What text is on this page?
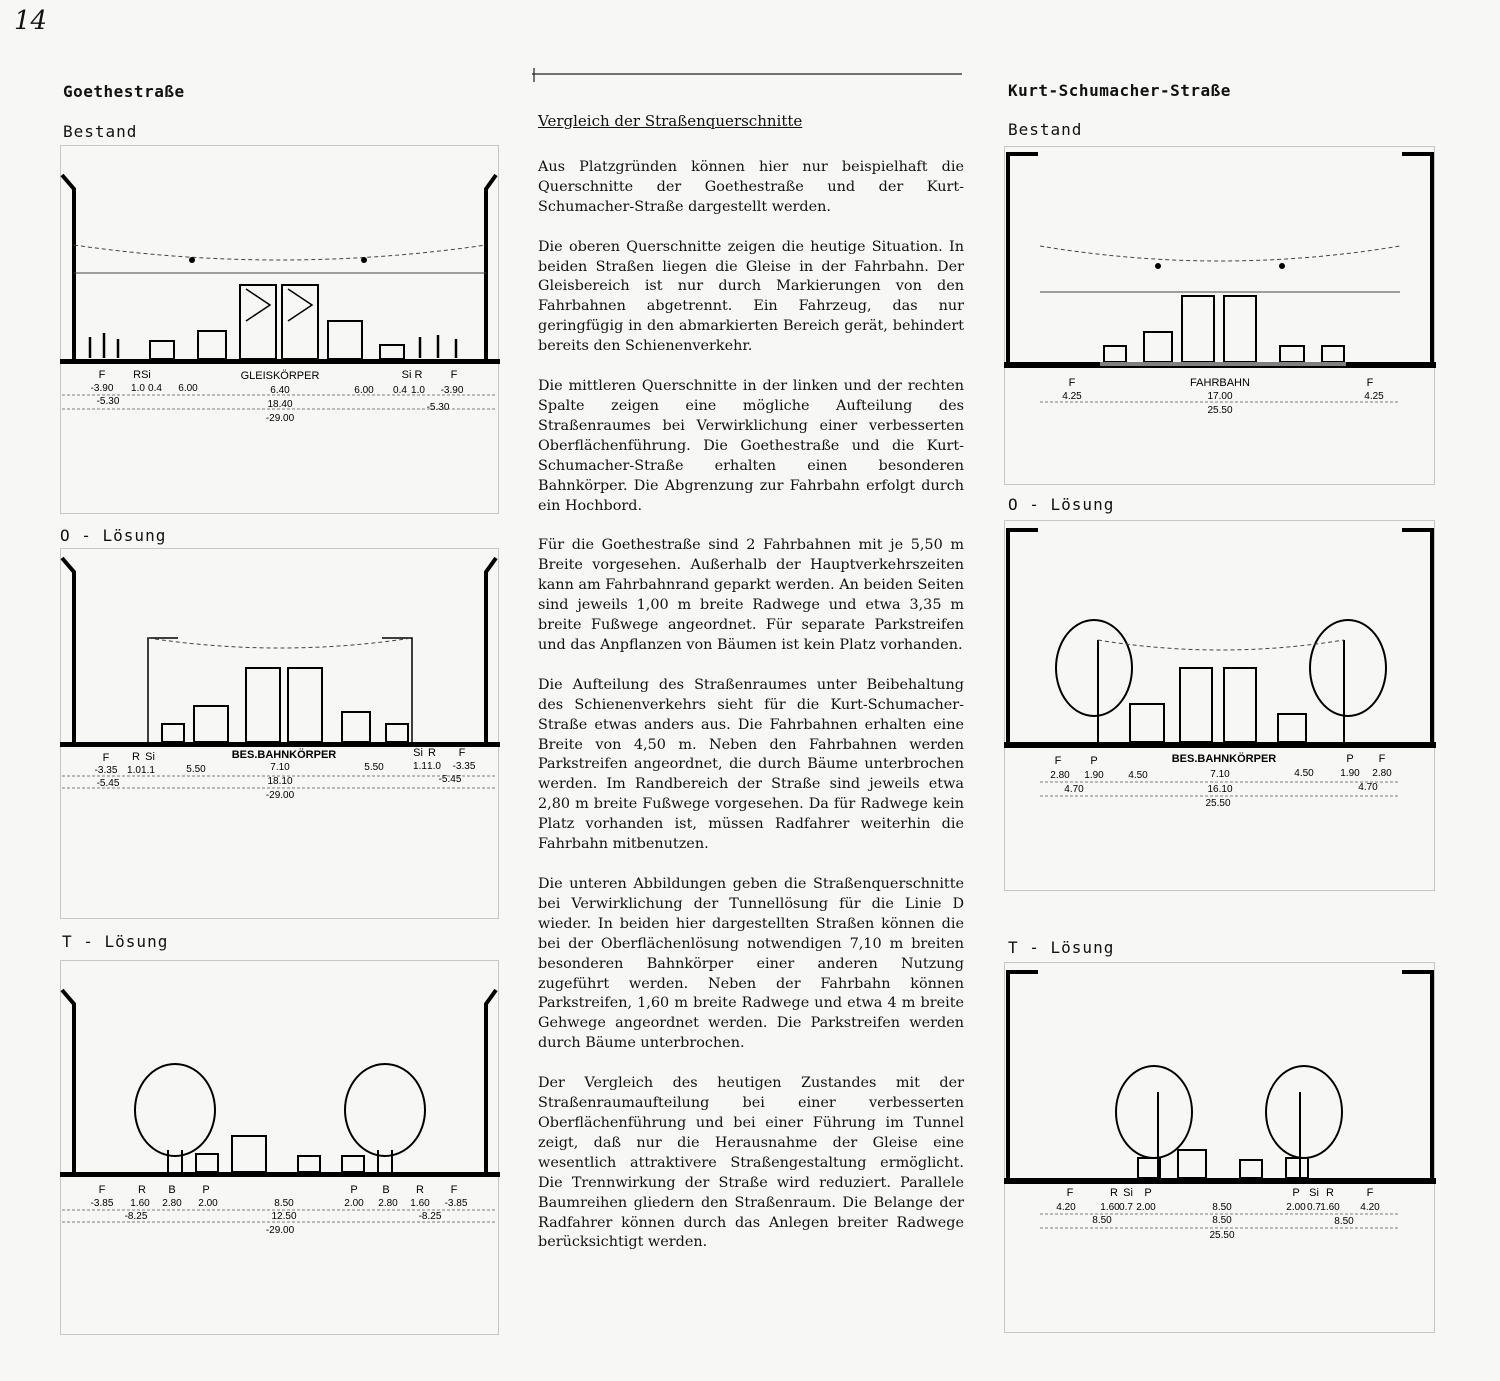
14
Goethestraße	Kurt-Schumacher-Straße
Bestand
O - Lösung
T - Lösung
Bestand
O - Lösung
T - Lösung
Vergleich der Straßenquerschnitte

Aus Platzgründen können hier nur beispielhaft die Querschnitte der Goethestraße und der Kurt-Schumacher-Straße dargestellt werden.

Die oberen Querschnitte zeigen die heutige Situation. In beiden Straßen liegen die Gleise in der Fahrbahn. Der Gleisbereich ist nur durch Markierungen von den Fahrbahnen abgetrennt. Ein Fahrzeug, das nur geringfügig in den abmarkierten Bereich gerät, behindert bereits den Schienenverkehr.

Die mittleren Querschnitte in der linken und der rechten Spalte zeigen eine mögliche Aufteilung des Straßenraumes bei Verwirklichung einer verbesserten Oberflächenführung. Die Goethestraße und die Kurt-Schumacher-Straße erhalten einen besonderen Bahnkörper. Die Abgrenzung zur Fahrbahn erfolgt durch ein Hochbord.

Für die Goethestraße sind 2 Fahrbahnen mit je 5,50 m Breite vorgesehen. Außerhalb der Hauptverkehrszeiten kann am Fahrbahnrand geparkt werden. An beiden Seiten sind jeweils 1,00 m breite Radwege und etwa 3,35 m breite Fußwege angeordnet. Für separate Parkstreifen und das Anpflanzen von Bäumen ist kein Platz vorhanden.

Die Aufteilung des Straßenraumes unter Beibehaltung des Schienenverkehrs sieht für die Kurt-Schumacher-Straße etwas anders aus. Die Fahrbahnen erhalten eine Breite von 4,50 m. Neben den Fahrbahnen werden Parkstreifen angeordnet, die durch Bäume unterbrochen werden. Im Randbereich der Straße sind jeweils etwa 2,80 m breite Fußwege vorgesehen. Da für Radwege kein Platz vorhanden ist, müssen Radfahrer weiterhin die Fahrbahn mitbenutzen.

Die unteren Abbildungen geben die Straßenquerschnitte bei Verwirklichung der Tunnellösung für die Linie D wieder. In beiden hier dargestellten Straßen können die bei der Oberflächenlösung notwendigen 7,10 m breiten besonderen Bahnkörper einer anderen Nutzung zugeführt werden. Neben der Fahrbahn können Parkstreifen, 1,60 m breite Radwege und etwa 4 m breite Gehwege angeordnet werden. Die Parkstreifen werden durch Bäume unterbrochen.

Der Vergleich des heutigen Zustandes mit der Straßenraumaufteilung bei einer verbesserten Oberflächenführung und bei einer Führung im Tunnel zeigt, daß nur die Herausnahme der Gleise eine wesentlich attraktivere Straßengestaltung ermöglicht. Die Trennwirkung der Straße wird reduziert. Parallele Baumreihen gliedern den Straßenraum. Die Belange der Radfahrer können durch das Anlegen breiter Radwege berücksichtigt werden.

F	RSi	GLEISKÖRPER	Si R	F
-3.90 1.0 0.4 6.00	6.40	6.00 0.4 1.0 -3.90
-5.30	18.40	-5.30
-29.00
F R Si	BES.BAHNKÖRPER	Si R F
-3.35 1.0 1.1	5.50	7.10	5.50	1.1 1.0 -3.35
-5.45	18.10	-5.45
-29.00
F	R B P	P B R F
-3.85 1.60 2.80 2.00	8.50	2.00 2.80 1.60 -3.85
-8.25	12.50	-8.25
-29.00
F	FAHRBAHN	F
4.25	17.00	4.25
25.50
F	P	BES.BAHNKÖRPER	P F
2.80 1.90 4.50	7.10	4.50	1.90 2.80
4.70	16.10	4.70
25.50
F	R Si P	P Si R	F
4.20 1.60 0.7 2.00	8.50	2.00 0.7 1.60 4.20
8.50	8.50	8.50
25.50
